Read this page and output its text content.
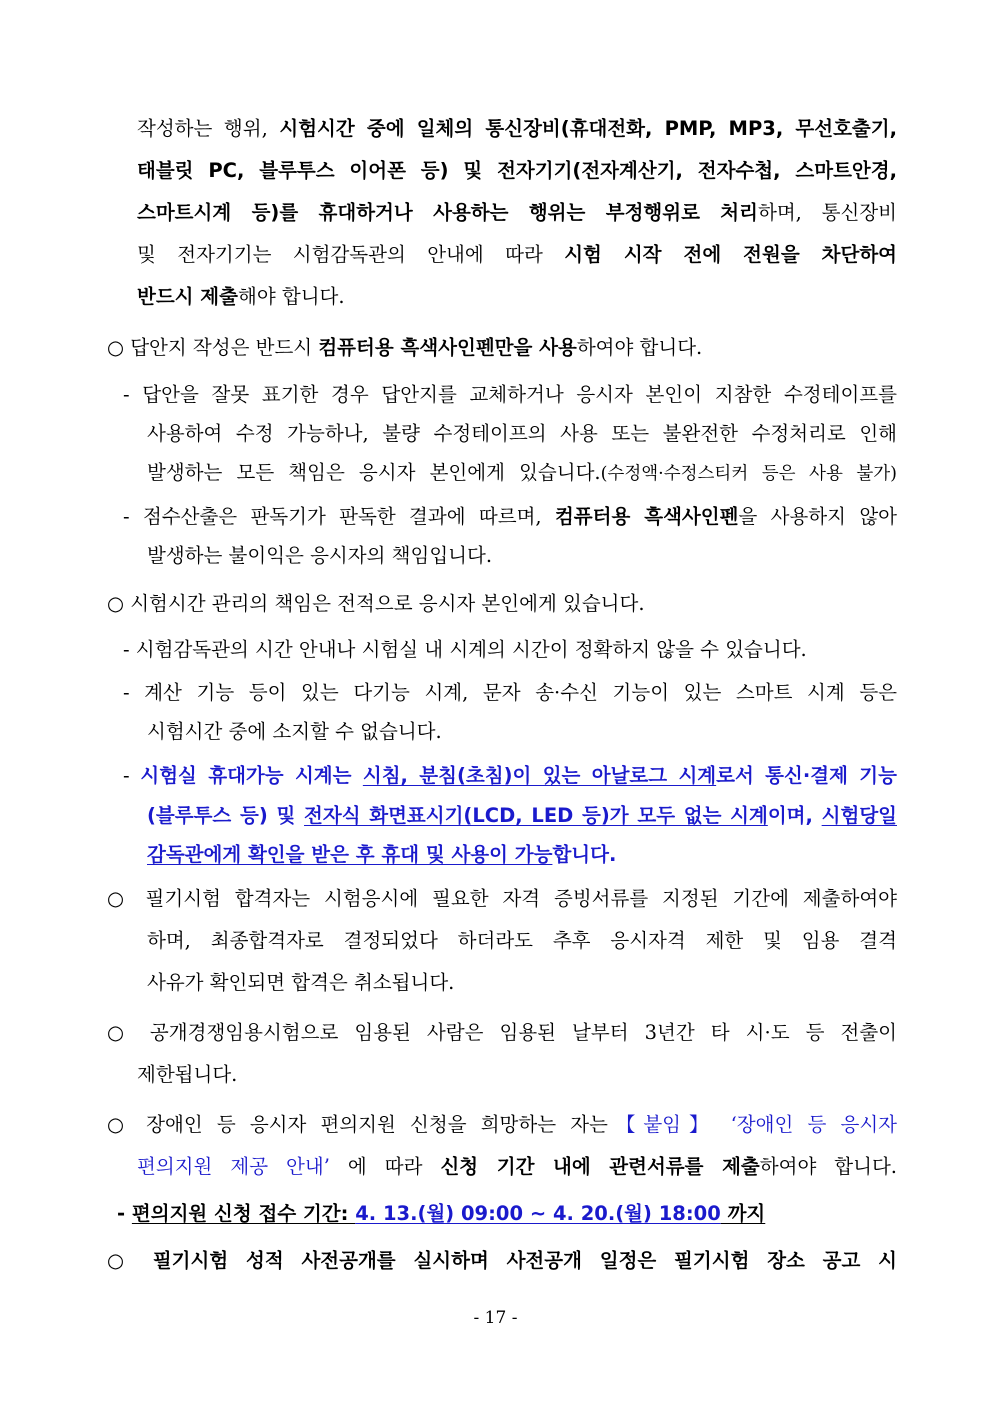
작성하는 행위, 시험시간 중에 일체의 통신장비(휴대전화, PMP, MP3, 무선호출기,
태블릿 PC, 블루투스 이어폰 등) 및 전자기기(전자계산기, 전자수첩, 스마트안경,
스마트시계 등)를 휴대하거나 사용하는 행위는 부정행위로 처리하며, 통신장비
및 전자기기는 시험감독관의 안내에 따라 시험 시작 전에 전원을 차단하여
반드시 제출해야 합니다.
○ 답안지 작성은 반드시 컴퓨터용 흑색사인펜만을 사용하여야 합니다.
- 답안을 잘못 표기한 경우 답안지를 교체하거나 응시자 본인이 지참한 수정테이프를
사용하여 수정 가능하나, 불량 수정테이프의 사용 또는 불완전한 수정처리로 인해
발생하는 모든 책임은 응시자 본인에게 있습니다.(수정액·수정스티커 등은 사용 불가)
- 점수산출은 판독기가 판독한 결과에 따르며, 컴퓨터용 흑색사인펜을 사용하지 않아
발생하는 불이익은 응시자의 책임입니다.
○ 시험시간 관리의 책임은 전적으로 응시자 본인에게 있습니다.
- 시험감독관의 시간 안내나 시험실 내 시계의 시간이 정확하지 않을 수 있습니다.
- 계산 기능 등이 있는 다기능 시계, 문자 송·수신 기능이 있는 스마트 시계 등은
시험시간 중에 소지할 수 없습니다.
- 시험실 휴대가능 시계는 시침, 분침(초침)이 있는 아날로그 시계로서 통신·결제 기능
(블루투스 등) 및 전자식 화면표시기(LCD, LED 등)가 모두 없는 시계이며, 시험당일
감독관에게 확인을 받은 후 휴대 및 사용이 가능합니다.
○ 필기시험 합격자는 시험응시에 필요한 자격 증빙서류를 지정된 기간에 제출하여야
하며, 최종합격자로 결정되었다 하더라도 추후 응시자격 제한 및 임용 결격
사유가 확인되면 합격은 취소됩니다.
○ 공개경쟁임용시험으로 임용된 사람은 임용된 날부터 3년간 타 시·도 등 전출이
제한됩니다.
○ 장애인 등 응시자 편의지원 신청을 희망하는 자는【붙임】 ‘장애인 등 응시자
편의지원 제공 안내’ 에 따라 신청 기간 내에 관련서류를 제출하여야 합니다.
- 편의지원 신청 접수 기간: 4. 13.(월) 09:00 ~ 4. 20.(월) 18:00 까지
○ 필기시험 성적 사전공개를 실시하며 사전공개 일정은 필기시험 장소 공고 시
- 17 -
